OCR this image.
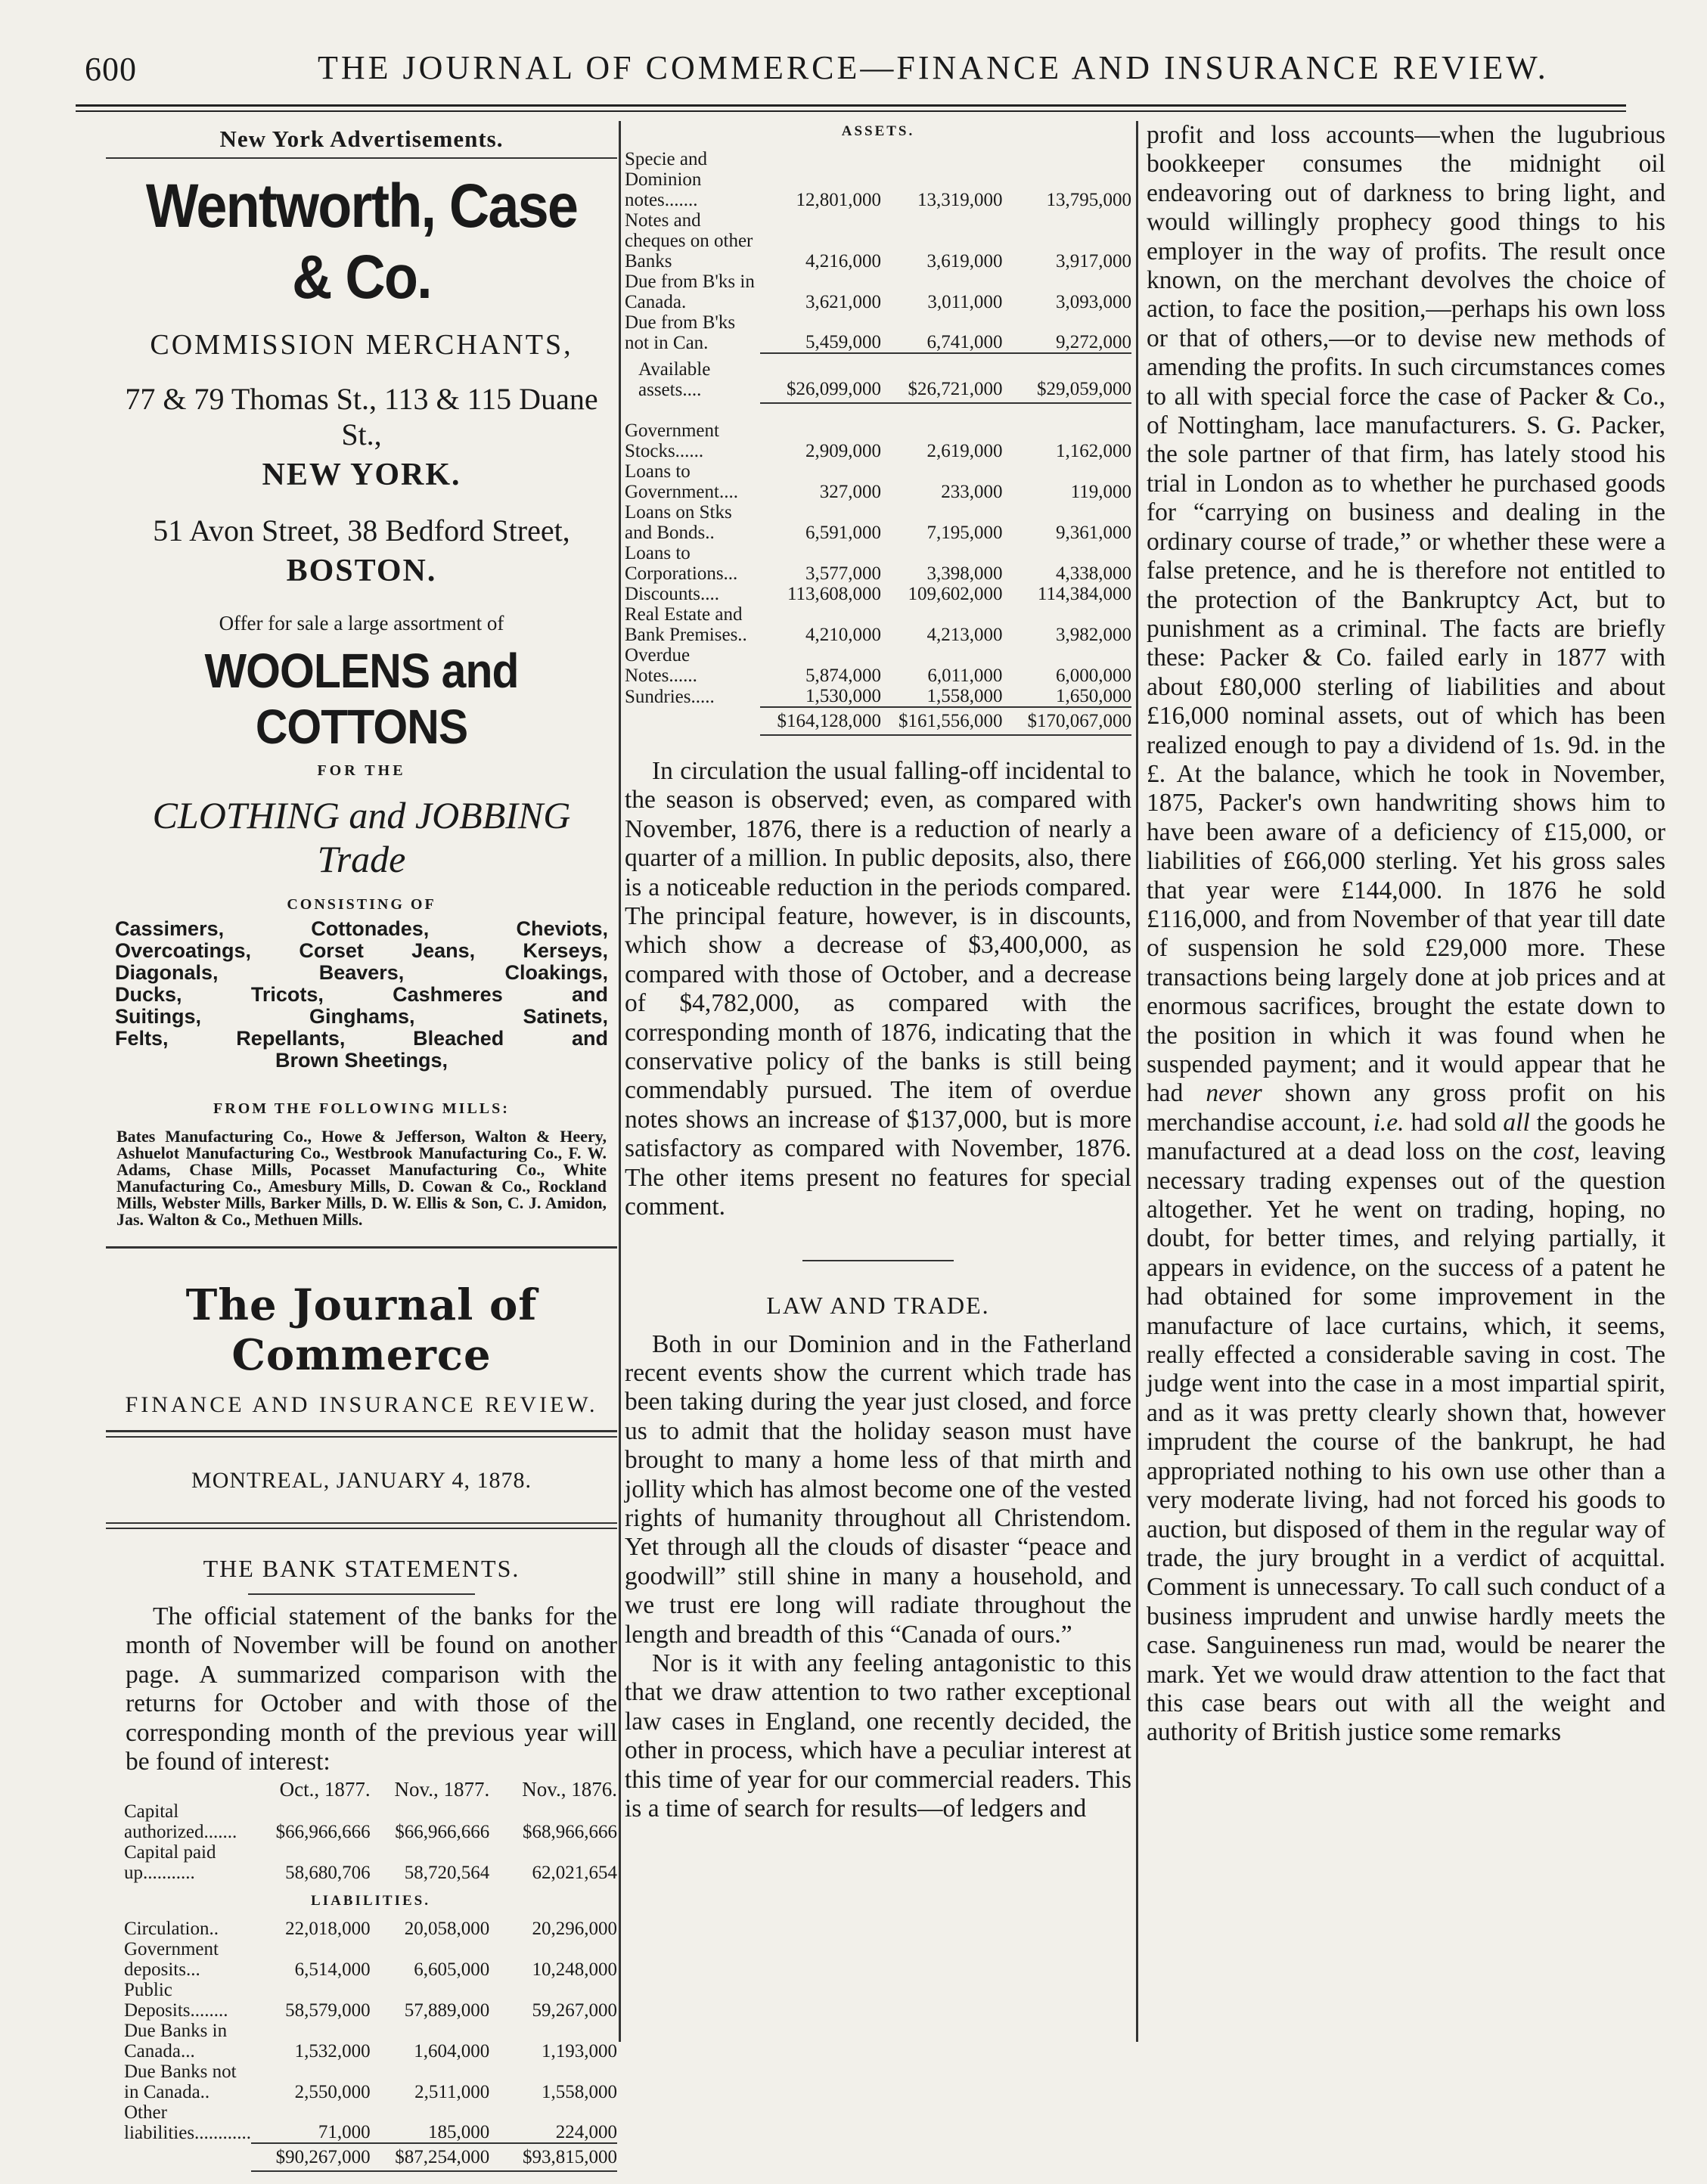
600	THE JOURNAL OF COMMERCE—FINANCE AND INSURANCE REVIEW.
New York Advertisements.
Wentworth, Case & Co.
COMMISSION MERCHANTS,
77 & 79 Thomas St., 113 & 115 Duane St.,
NEW YORK.
51 Avon Street, 38 Bedford Street,
BOSTON.
Offer for sale a large assortment of
WOOLENS and COTTONS
FOR THE
CLOTHING and JOBBING Trade
CONSISTING OF
Cassimers, Cottonades, Cheviots,
Overcoatings, Corset Jeans, Kerseys,
Diagonals, Beavers, Cloakings,
Ducks, Tricots, Cashmeres and
Suitings, Ginghams, Satinets,
Felts, Repellants, Bleached and
Brown Sheetings,
FROM THE FOLLOWING MILLS:
Bates Manufacturing Co., Howe & Jefferson, Walton & Heery, Ashuelot Manufacturing Co., Westbrook Manufacturing Co., F. W. Adams, Chase Mills, Pocasset Manufacturing Co., White Manufacturing Co., Amesbury Mills, D. Cowan & Co., Rockland Mills, Webster Mills, Barker Mills, D. W. Ellis & Son, C. J. Amidon, Jas. Walton & Co., Methuen Mills.
The Journal of Commerce
FINANCE AND INSURANCE REVIEW.
MONTREAL, JANUARY 4, 1878.
THE BANK STATEMENTS.

The official statement of the banks for the month of November will be found on another page. A summarized comparison with the returns for October and with those of the corresponding month of the previous year will be found of interest:

	Oct., 1877.	Nov., 1877.	Nov., 1876.
Capital authorized.......	$66,966,666	$66,966,666	$68,966,666
Capital paid up...........	58,680,706	58,720,564	62,021,654
LIABILITIES.			
Circulation..	22,018,000	20,058,000	20,296,000
Government deposits...	6,514,000	6,605,000	10,248,000
Public Deposits........	58,579,000	57,889,000	59,267,000
Due Banks in Canada...	1,532,000	1,604,000	1,193,000
Due Banks not in Canada..	2,550,000	2,511,000	1,558,000
Other liabilities............	71,000	185,000	224,000
	$90,267,000	$87,254,000	$93,815,000
ASSETS.			
Specie and Dominion notes.......	12,801,000	13,319,000	13,795,000
Notes and cheques on other Banks	4,216,000	3,619,000	3,917,000
Due from B'ks in Canada.	3,621,000	3,011,000	3,093,000
Due from B'ks not in Can.	5,459,000	6,741,000	9,272,000
Available assets....	$26,099,000	$26,721,000	$29,059,000

Government Stocks......	2,909,000	2,619,000	1,162,000
Loans to Government....	327,000	233,000	119,000
Loans on Stks and Bonds..	6,591,000	7,195,000	9,361,000
Loans to Corporations...	3,577,000	3,398,000	4,338,000
Discounts....	113,608,000	109,602,000	114,384,000
Real Estate and Bank Premises..	4,210,000	4,213,000	3,982,000
Overdue Notes......	5,874,000	6,011,000	6,000,000
Sundries.....	1,530,000	1,558,000	1,650,000
	$164,128,000	$161,556,000	$170,067,000

In circulation the usual falling-off incidental to the season is observed; even, as compared with November, 1876, there is a reduction of nearly a quarter of a million. In public deposits, also, there is a noticeable reduction in the periods compared. The principal feature, however, is in discounts, which show a decrease of $3,400,000, as compared with those of October, and a decrease of $4,782,000, as compared with the corresponding month of 1876, indicating that the conservative policy of the banks is still being commendably pursued. The item of overdue notes shows an increase of $137,000, but is more satisfactory as compared with November, 1876. The other items present no features for special comment.

LAW AND TRADE.

Both in our Dominion and in the Fatherland recent events show the current which trade has been taking during the year just closed, and force us to admit that the holiday season must have brought to many a home less of that mirth and jollity which has almost become one of the vested rights of humanity throughout all Christendom. Yet through all the clouds of disaster “peace and goodwill” still shine in many a household, and we trust ere long will radiate throughout the length and breadth of this “Canada of ours.”

Nor is it with any feeling antagonistic to this that we draw attention to two rather exceptional law cases in England, one recently decided, the other in process, which have a peculiar interest at this time of year for our commercial readers. This is a time of search for results—of ledgers and

profit and loss accounts—when the lugubrious bookkeeper consumes the midnight oil endeavoring out of darkness to bring light, and would willingly prophecy good things to his employer in the way of profits. The result once known, on the merchant devolves the choice of action, to face the position,—perhaps his own loss or that of others,—or to devise new methods of amending the profits. In such circumstances comes to all with special force the case of Packer & Co., of Nottingham, lace manufacturers. S. G. Packer, the sole partner of that firm, has lately stood his trial in London as to whether he purchased goods for “carrying on business and dealing in the ordinary course of trade,” or whether these were a false pretence, and he is therefore not entitled to the protection of the Bankruptcy Act, but to punishment as a criminal. The facts are briefly these: Packer & Co. failed early in 1877 with about £80,000 sterling of liabilities and about £16,000 nominal assets, out of which has been realized enough to pay a dividend of 1s. 9d. in the £. At the balance, which he took in November, 1875, Packer's own handwriting shows him to have been aware of a deficiency of £15,000, or liabilities of £66,000 sterling. Yet his gross sales that year were £144,000. In 1876 he sold £116,000, and from November of that year till date of suspension he sold £29,000 more. These transactions being largely done at job prices and at enormous sacrifices, brought the estate down to the position in which it was found when he suspended payment; and it would appear that he had never shown any gross profit on his merchandise account, i.e. had sold all the goods he manufactured at a dead loss on the cost, leaving necessary trading expenses out of the question altogether. Yet he went on trading, hoping, no doubt, for better times, and relying partially, it appears in evidence, on the success of a patent he had obtained for some improvement in the manufacture of lace curtains, which, it seems, really effected a considerable saving in cost. The judge went into the case in a most impartial spirit, and as it was pretty clearly shown that, however imprudent the course of the bankrupt, he had appropriated nothing to his own use other than a very moderate living, had not forced his goods to auction, but disposed of them in the regular way of trade, the jury brought in a verdict of acquittal. Comment is unnecessary. To call such conduct of a business imprudent and unwise hardly meets the case. Sanguineness run mad, would be nearer the mark. Yet we would draw attention to the fact that this case bears out with all the weight and authority of British justice some remarks
